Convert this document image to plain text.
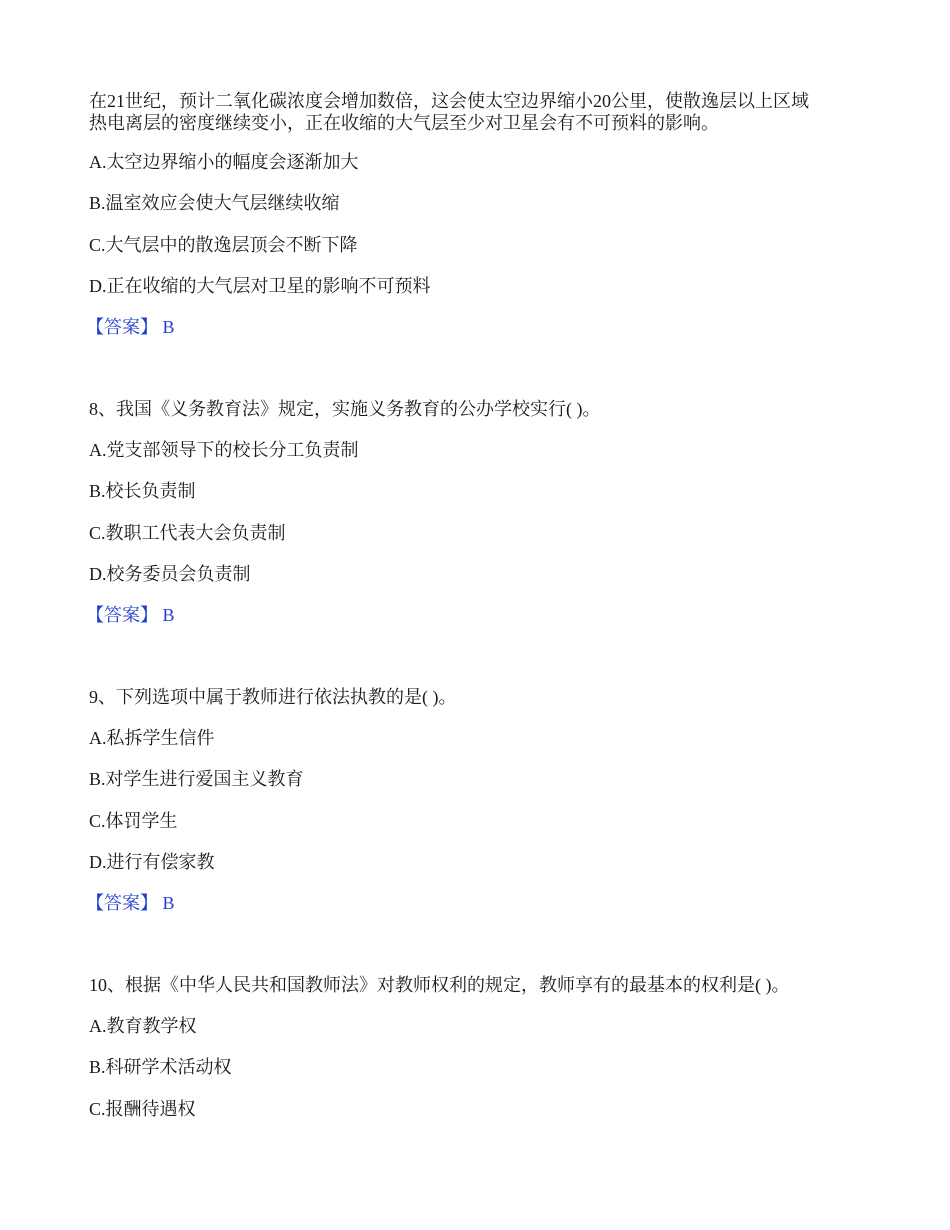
在21世纪，预计二氧化碳浓度会增加数倍，这会使太空边界缩小20公里，使散逸层以上区域
热电离层的密度继续变小，正在收缩的大气层至少对卫星会有不可预料的影响。
A.太空边界缩小的幅度会逐渐加大
B.温室效应会使大气层继续收缩
C.大气层中的散逸层顶会不断下降
D.正在收缩的大气层对卫星的影响不可预料
【答案】 B
8、我国《义务教育法》规定，实施义务教育的公办学校实行( )。
A.党支部领导下的校长分工负责制
B.校长负责制
C.教职工代表大会负责制
D.校务委员会负责制
【答案】 B
9、下列选项中属于教师进行依法执教的是( )。
A.私拆学生信件
B.对学生进行爱国主义教育
C.体罚学生
D.进行有偿家教
【答案】 B
10、根据《中华人民共和国教师法》对教师权利的规定，教师享有的最基本的权利是( )。
A.教育教学权
B.科研学术活动权
C.报酬待遇权
